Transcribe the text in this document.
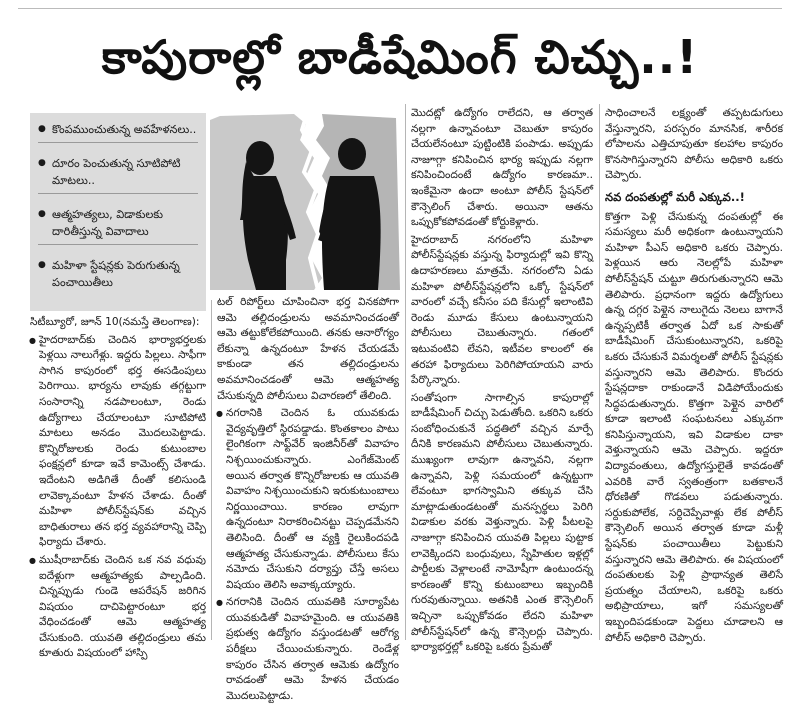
కాపురాల్లో బాడీషేమింగ్ చిచ్చు..!
● కొంపముంచుతున్న అవహేళనలు..
● దూరం పెంచుతున్న సూటిపోటి మాటలు..
● ఆత్మహత్యలు, విడాకులకు దారితీస్తున్న వివాదాలు
● మహిళా స్టేషన్లకు పెరుగుతున్న పంచాయితీలు

సిటీబ్యూరో, జూన్ 10(నమస్తే తెలంగాణ):

● హైదరాబాద్‌కు చెందిన భార్యాభర్తలకు పెళ్లయి నాలుగేళ్లు. ఇద్దరు పిల్లలు. సాఫీగా సాగిన కాపురంలో భర్త ఈసడింపులు పెరిగాయి. భార్యను లావుకు తగ్గట్టుగా సంసారాన్ని నడపాలంటూ, రెండు ఉద్యోగాలు చేయాలంటూ సూటిపోటి మాటలు అనడం మొదలుపెట్టాడు. కొన్నిరోజులకు రెండు కుటుంబాల ఫంక్షన్లలో కూడా ఇవే కామెంట్స్ చేశాడు. ఇదేంటని అడిగితే దీంతో కలిసుండి లావెక్కావంటూ హేళన చేశాడు. దీంతో మహిళా పోలీస్‌స్టేషన్‌కు వచ్చిన బాధితురాలు తన భర్త వ్యవహారాన్ని చెప్పి ఫిర్యాదు చేశారు.

● ముషీరాబాద్‌కు చెందిన ఒక నవ వధువు ఐదేళ్లుగా ఆత్మహత్యకు పాల్పడింది. చిన్నప్పుడు గుండె ఆపరేషన్ జరిగిన విషయం దాచిపెట్టారంటూ భర్త వేధించడంతో ఆమె ఆత్మహత్య చేసుకుంది. యువతి తల్లిదండ్రులు తమ కూతురు విషయంలో హాస్పి

టల్ రిపోర్ట్‌లు చూపించినా భర్త వినకపోగా ఆమె తల్లిదండ్రులను అవమానించడంతో ఆమె తట్టుకోలేకపోయింది. తనకు ఆనారోగ్యం లేకున్నా ఉన్నదంటూ హేళన చేయడమే కాకుండా తన తల్లిదండ్రులను అవమానించడంతో ఆమె ఆత్మహత్య చేసుకున్నది పోలీసులు విచారణలో తేలింది.

● నగరానికి చెందిన ఓ యువకుడు వైద్యవృత్తిలో స్థిరపడ్డాడు. కొంతకాలం పాటు లైంగికంగా సాఫ్ట్‌వేర్ ఇంజినీర్‌తో వివాహం నిశ్చయించుకున్నారు. ఎంగేజ్‌మెంట్ అయిన తర్వాత కొన్నిరోజులకు ఆ యువతి వివాహం నిశ్చయించుకుని ఇరుకుటుంబాలు నిర్ణయించాయి. కారణం లావుగా ఉన్నదంటూ నిరాకరించినట్టు చెప్పడమేనని తెలిసింది. దీంతో ఆ వ్యక్తి రైలుకిందపడి ఆత్మహత్య చేసుకున్నాడు. పోలీసులు కేసు నమోదు చేసుకుని దర్యాప్తు చేస్తే అసలు విషయం తెలిసి అవాక్కయ్యారు.

● నగరానికి చెందిన యువతికి సూర్యాపేట యువకుడితో వివాహమైంది. ఆ యువతికి ప్రభుత్వ ఉద్యోగం వస్తుండటతో ఆరోగ్య పరీక్షలు చేయించుకున్నారు. రెండేళ్ల కాపురం చేసిన తర్వాత ఆమెకు ఉద్యోగం రావడంతో ఆమె హేళన చేయడం మొదలుపెట్టాడు.

మొదట్లో ఉద్యోగం రాలేదని, ఆ తర్వాత నల్లగా ఉన్నావంటూ చెబుతూ కాపురం చేయలేనంటూ పుట్టింటికి పంపాడు. అప్పుడు నాజూగ్గా కనిపించిన భార్య ఇప్పుడు నల్లగా కనిపించిందంటే ఉద్యోగం కారణమా.. ఇంకేమైనా ఉందా అంటూ పోలీస్ స్టేషన్‌లో కౌన్సెలింగ్ చేశారు. అయినా ఆతను ఒప్పుకోకపోవడంతో కోర్టుకెళ్లారు.

హైదరాబాద్ నగరంలోని మహిళా పోలీస్‌స్టేషన్లకు వస్తున్న ఫిర్యాదుల్లో ఇవి కొన్ని ఉదాహరణలు మాత్రమే. నగరంలోని ఏడు మహిళా పోలీస్‌స్టేషన్లలోని ఒక్కో స్టేషన్‌లో వారంలో వచ్చే కనీసం పది కేసుల్లో ఇలాంటివి రెండు మూడు కేసులు ఉంటున్నాయని పోలీసులు చెబుతున్నారు. గతంలో ఇటువంటివి లేవని, ఇటీవల కాలంలో ఈ తరహా ఫిర్యాదులు పెరిగిపోయాయని వారు పేర్కొన్నారు.

సంతోషంగా సాగాల్సిన కాపురాల్లో బాడీషేమింగ్ చిచ్చు పెడుతోంది. ఒకరిని ఒకరు సంబోధించుకునే పద్ధతిలో వచ్చిన మార్పే దీనికి కారణమని పోలీసులు చెబుతున్నారు. ముఖ్యంగా లావుగా ఉన్నావని, నల్లగా ఉన్నావని, పెళ్లి సమయంలో ఉన్నట్టుగా లేవంటూ భాగస్వామిని తక్కువ చేసి మాట్లాడుతుండటంతో మనస్పర్థలు పెరిగి విడాకుల వరకు వెళ్తున్నారు. పెళ్లి పీటలపై నాజూగ్గా కనిపించిన యువతి పిల్లలు పుట్టాక లావెక్కిందని బంధువులు, స్నేహితుల ఇళ్లల్లో పార్టీలకు వెళ్లాలంటే నామోషీగా ఉంటుందన్న కారణంతో కొన్ని కుటుంబాలు ఇబ్బందికి గురవుతున్నాయి. అతనికి ఎంత కౌన్సెలింగ్ ఇచ్చినా ఒప్పుకోవడం లేదని మహిళా పోలీస్‌స్టేషన్‌లో ఉన్న కౌన్సెలర్లు చెప్పారు. భార్యాభర్తల్లో ఒకరిపై ఒకరు ప్రేమతో

సాధించాలనే లక్ష్యంతో తప్పటడుగులు వేస్తున్నారని, పరస్పరం మానసిక, శారీరక లోపాలను ఎత్తిచూపుతూ కలహాల కాపురం కొనసాగిస్తున్నారని పోలీసు అధికారి ఒకరు చెప్పారు.

నవ దంపతుల్లో మరీ ఎక్కువ..!

కొత్తగా పెళ్లి చేసుకున్న దంపతుల్లో ఈ సమస్యలు మరీ అధికంగా ఉంటున్నాయని మహిళా పీఎస్ అధికారి ఒకరు చెప్పారు. పెళ్లయిన ఆరు నెలల్లోపే మహిళా పోలీస్‌స్టేషన్ చుట్టూ తిరుగుతున్నారని ఆమె తెలిపారు. ప్రధానంగా ఇద్దరు ఉద్యోగులు ఉన్న దగ్గర పెళ్లైన నాలుగైదు నెలలు బాగానే ఉన్నప్పటికీ తర్వాత ఏదో ఒక సాకుతో బాడీషేమింగ్ చేసుకుంటున్నారని, ఒకరిపై ఒకరు చేసుకునే విమర్శలతో పోలీస్ స్టేషన్లకు వస్తున్నారని ఆమె తెలిపారు. కొందరు స్టేషన్లదాకా రాకుండానే విడిపోయేందుకు సిద్ధపడుతున్నారు. కొత్తగా పెళ్లైన వారిలో కూడా ఇలాంటి సంఘటనలు ఎక్కువగా కనిపిస్తున్నాయని, ఇవి విడాకుల దాకా వెళ్తున్నాయని ఆమె చెప్పారు. ఇద్దరూ విద్యావంతులు, ఉద్యోగస్తులైతే కావడంతో ఎవరికి వారే స్వతంత్రంగా బతకాలనే ధోరణితో గొడవలు పడుతున్నారు. సర్దుకుపోలేక, సర్దిచెప్పేవాళ్లు లేక పోలీస్ కౌన్సెలింగ్ అయిన తర్వాత కూడా మళ్లీ స్టేషన్‌కు పంచాయితీలు పెట్టుకుని వస్తున్నారని ఆమె తెలిపారు. ఈ విషయంలో దంపతులకు పెళ్లి ప్రాథాన్యత తెలిసే ప్రయత్నం చేయాలని, ఒకరిపై ఒకరు అభిప్రాయాలు, ఇగో సమస్యలతో ఇబ్బందిపడకుండా పెద్దలు చూడాలని ఆ పోలీస్ అధికారి చెప్పారు.
